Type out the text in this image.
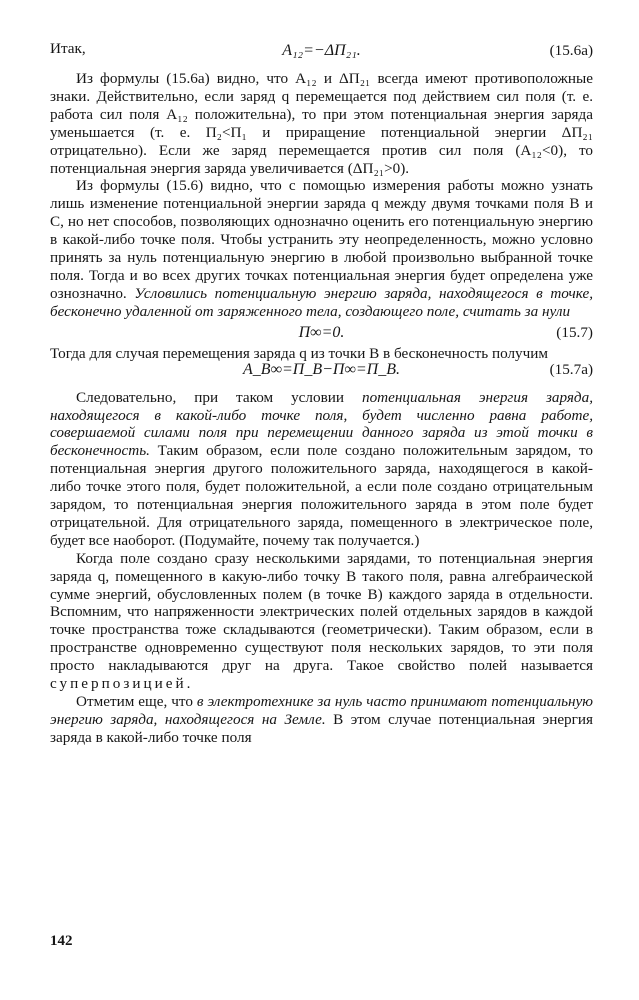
Итак,	A₁₂=−ΔΠ₂₁.	(15.6а)

Из формулы (15.6а) видно, что A₁₂ и ΔΠ₂₁ всегда имеют противоположные знаки. Действительно, если заряд q перемещается под действием сил поля (т. е. работа сил поля A₁₂ положительна), то при этом потенциальная энергия заряда уменьшается (т. е. Π₂<Π₁ и приращение потенциальной энергии ΔΠ₂₁ отрицательно). Если же заряд перемещается против сил поля (A₁₂<0), то потенциальная энергия заряда увеличивается (ΔΠ₂₁>0).

Из формулы (15.6) видно, что с помощью измерения работы можно узнать лишь изменение потенциальной энергии заряда q между двумя точками поля B и C, но нет способов, позволяющих однозначно оценить его потенциальную энергию в какой-либо точке поля. Чтобы устранить эту неопределенность, можно условно принять за нуль потенциальную энергию в любой произвольно выбранной точке поля. Тогда и во всех других точках потенциальная энергия будет определена уже ознозначно. Условились потенциальную энергию заряда, находящегося в точке, бесконечно удаленной от заряженного тела, создающего поле, считать за нули

Π∞=0.	(15.7)

Тогда для случая перемещения заряда q из точки B в бесконечность получим

A_B∞=Π_B−Π∞=Π_B.	(15.7а)

Следовательно, при таком условии потенциальная энергия заряда, находящегося в какой-либо точке поля, будет численно равна работе, совершаемой силами поля при перемещении данного заряда из этой точки в бесконечность. Таким образом, если поле создано положительным зарядом, то потенциальная энергия другого положительного заряда, находящегося в какой-либо точке этого поля, будет положительной, а если поле создано отрицательным зарядом, то потенциальная энергия положительного заряда в этом поле будет отрицательной. Для отрицательного заряда, помещенного в электрическое поле, будет все наоборот. (Подумайте, почему так получается.)

Когда поле создано сразу несколькими зарядами, то потенциальная энергия заряда q, помещенного в какую-либо точку B такого поля, равна алгебраической сумме энергий, обусловленных полем (в точке B) каждого заряда в отдельности. Вспомним, что напряженности электрических полей отдельных зарядов в каждой точке пространства тоже складываются (геометрически). Таким образом, если в пространстве одновременно существуют поля нескольких зарядов, то эти поля просто накладываются друг на друга. Такое свойство полей называется суперпозицией.

Отметим еще, что в электротехнике за нуль часто принимают потенциальную энергию заряда, находящегося на Земле. В этом случае потенциальная энергия заряда в какой-либо точке поля

142
